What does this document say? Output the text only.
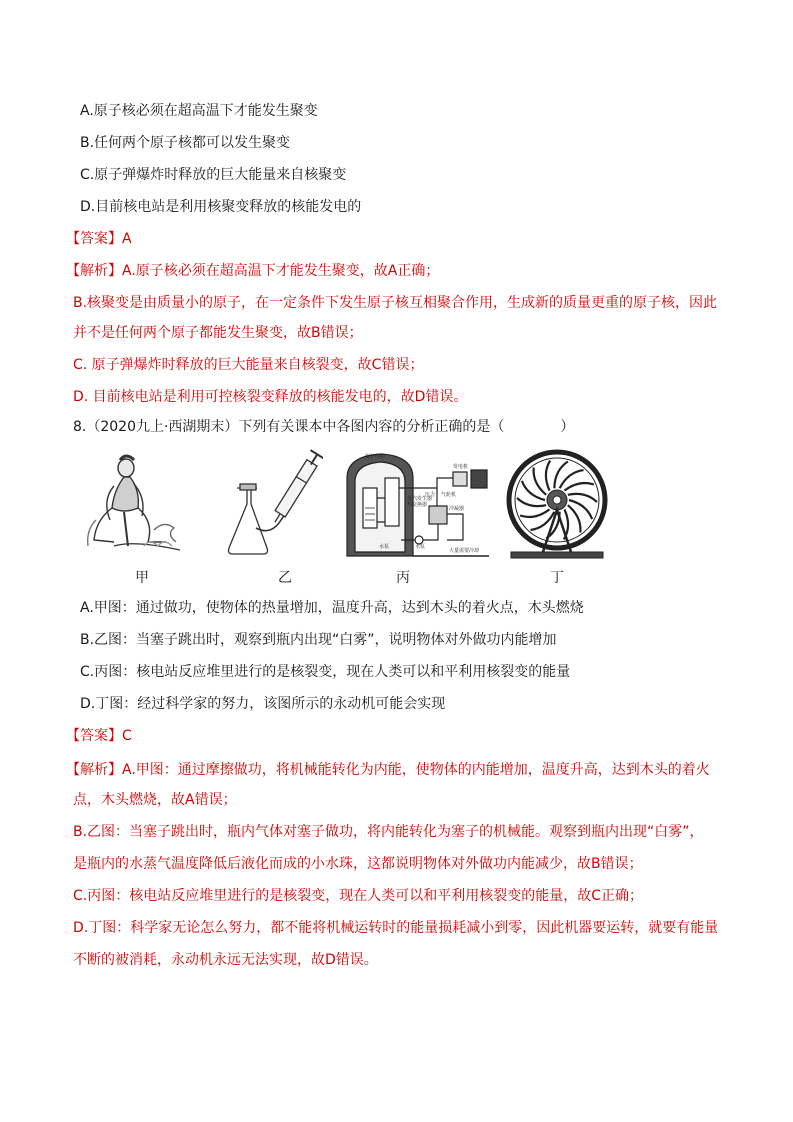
A.原子核必须在超高温下才能发生聚变
B.任何两个原子核都可以发生聚变
C.原子弹爆炸时释放的巨大能量来自核聚变
D.目前核电站是利用核聚变释放的核能发电的
【答案】A
【解析】A.原子核必须在超高温下才能发生聚变，故A正确；
B.核聚变是由质量小的原子，在一定条件下发生原子核互相聚合作用，生成新的质量更重的原子核，因此
并不是任何两个原子都能发生聚变，故B错误；
C. 原子弹爆炸时释放的巨大能量来自核裂变，故C错误；
D. 目前核电站是利用可控核裂变释放的核能发电的，故D错误。
8.（2020九上·西湖期末）下列有关课本中各图内容的分析正确的是（　　　　）
甲	乙
保护结构
发电机
压力 气轮机
冷凝器
水泵
热交换器
蒸汽发生器
大量需要冷却
水泵
丙	丁
A.甲图：通过做功，使物体的热量增加，温度升高，达到木头的着火点，木头燃烧
B.乙图：当塞子跳出时，观察到瓶内出现“白雾”，说明物体对外做功内能增加
C.丙图：核电站反应堆里进行的是核裂变，现在人类可以和平利用核裂变的能量
D.丁图：经过科学家的努力，该图所示的永动机可能会实现
【答案】C
【解析】A.甲图：通过摩擦做功，将机械能转化为内能，使物体的内能增加，温度升高，达到木头的着火
点，木头燃烧，故A错误；
B.乙图：当塞子跳出时，瓶内气体对塞子做功，将内能转化为塞子的机械能。观察到瓶内出现“白雾”，
是瓶内的水蒸气温度降低后液化而成的小水珠，这都说明物体对外做功内能减少，故B错误；
C.丙图：核电站反应堆里进行的是核裂变，现在人类可以和平利用核裂变的能量，故C正确；
D.丁图：科学家无论怎么努力，都不能将机械运转时的能量损耗减小到零，因此机器要运转，就要有能量
不断的被消耗，永动机永远无法实现，故D错误。
